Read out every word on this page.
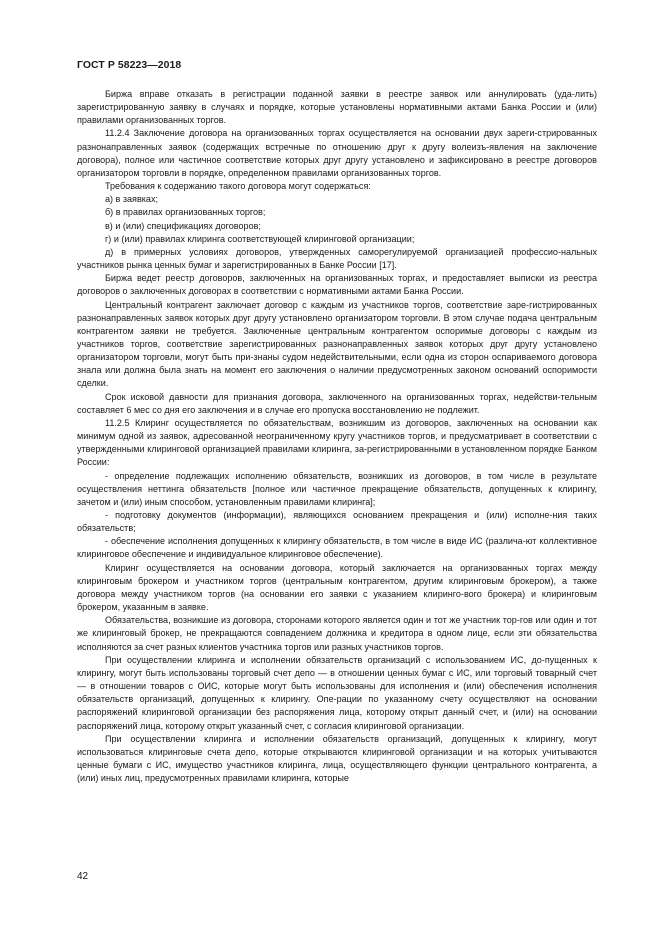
ГОСТ Р 58223—2018

Биржа вправе отказать в регистрации поданной заявки в реестре заявок или аннулировать (уда-лить) зарегистрированную заявку в случаях и порядке, которые установлены нормативными актами Банка России и (или) правилами организованных торгов.

11.2.4 Заключение договора на организованных торгах осуществляется на основании двух зареги-стрированных разнонаправленных заявок (содержащих встречные по отношению друг к другу волеизъ-явления на заключение договора), полное или частичное соответствие которых друг другу установлено и зафиксировано в реестре договоров организатором торговли в порядке, определенном правилами организованных торгов.

Требования к содержанию такого договора могут содержаться:

а) в заявках;

б) в правилах организованных торгов;

в) и (или) спецификациях договоров;

г) и (или) правилах клиринга соответствующей клиринговой организации;

д) в примерных условиях договоров, утвержденных саморегулируемой организацией профессио-нальных участников рынка ценных бумаг и зарегистрированных в Банке России [17].

Биржа ведет реестр договоров, заключенных на организованных торгах, и предоставляет выписки из реестра договоров о заключенных договорах в соответствии с нормативными актами Банка России.

Центральный контрагент заключает договор с каждым из участников торгов, соответствие заре-гистрированных разнонаправленных заявок которых друг другу установлено организатором торговли. В этом случае подача центральным контрагентом заявки не требуется. Заключенные центральным контрагентом оспоримые договоры с каждым из участников торгов, соответствие зарегистрированных разнонаправленных заявок которых друг другу установлено организатором торговли, могут быть при-знаны судом недействительными, если одна из сторон оспариваемого договора знала или должна была знать на момент его заключения о наличии предусмотренных законом оснований оспоримости сделки.

Срок исковой давности для признания договора, заключенного на организованных торгах, недействи-тельным составляет 6 мес со дня его заключения и в случае его пропуска восстановлению не подлежит.

11.2.5 Клиринг осуществляется по обязательствам, возникшим из договоров, заключенных на основании как минимум одной из заявок, адресованной неограниченному кругу участников торгов, и предусматривает в соответствии с утвержденными клиринговой организацией правилами клиринга, за-регистрированными в установленном порядке Банком России:

- определение подлежащих исполнению обязательств, возникших из договоров, в том числе в результате осуществления неттинга обязательств [полное или частичное прекращение обязательств, допущенных к клирингу, зачетом и (или) иным способом, установленным правилами клиринга];

- подготовку документов (информации), являющихся основанием прекращения и (или) исполне-ния таких обязательств;

- обеспечение исполнения допущенных к клирингу обязательств, в том числе в виде ИС (различа-ют коллективное клиринговое обеспечение и индивидуальное клиринговое обеспечение).

Клиринг осуществляется на основании договора, который заключается на организованных торгах между клиринговым брокером и участником торгов (центральным контрагентом, другим клиринговым брокером), а также договора между участником торгов (на основании его заявки с указанием клиринго-вого брокера) и клиринговым брокером, указанным в заявке.

Обязательства, возникшие из договора, сторонами которого является один и тот же участник тор-гов или один и тот же клиринговый брокер, не прекращаются совпадением должника и кредитора в одном лице, если эти обязательства исполняются за счет разных клиентов участника торгов или разных участников торгов.

При осуществлении клиринга и исполнении обязательств организаций с использованием ИС, до-пущенных к клирингу, могут быть использованы торговый счет депо — в отношении ценных бумаг с ИС, или торговый товарный счет — в отношении товаров с ОИС, которые могут быть использованы для исполнения и (или) обеспечения исполнения обязательств организаций, допущенных к клирингу. Опе-рации по указанному счету осуществляют на основании распоряжений клиринговой организации без распоряжения лица, которому открыт данный счет, и (или) на основании распоряжений лица, которому открыт указанный счет, с согласия клиринговой организации.

При осуществлении клиринга и исполнении обязательств организаций, допущенных к клирингу, могут использоваться клиринговые счета депо, которые открываются клиринговой организации и на которых учитываются ценные бумаги с ИС, имущество участников клиринга, лица, осуществляющего функции центрального контрагента, а (или) иных лиц, предусмотренных правилами клиринга, которые

42
